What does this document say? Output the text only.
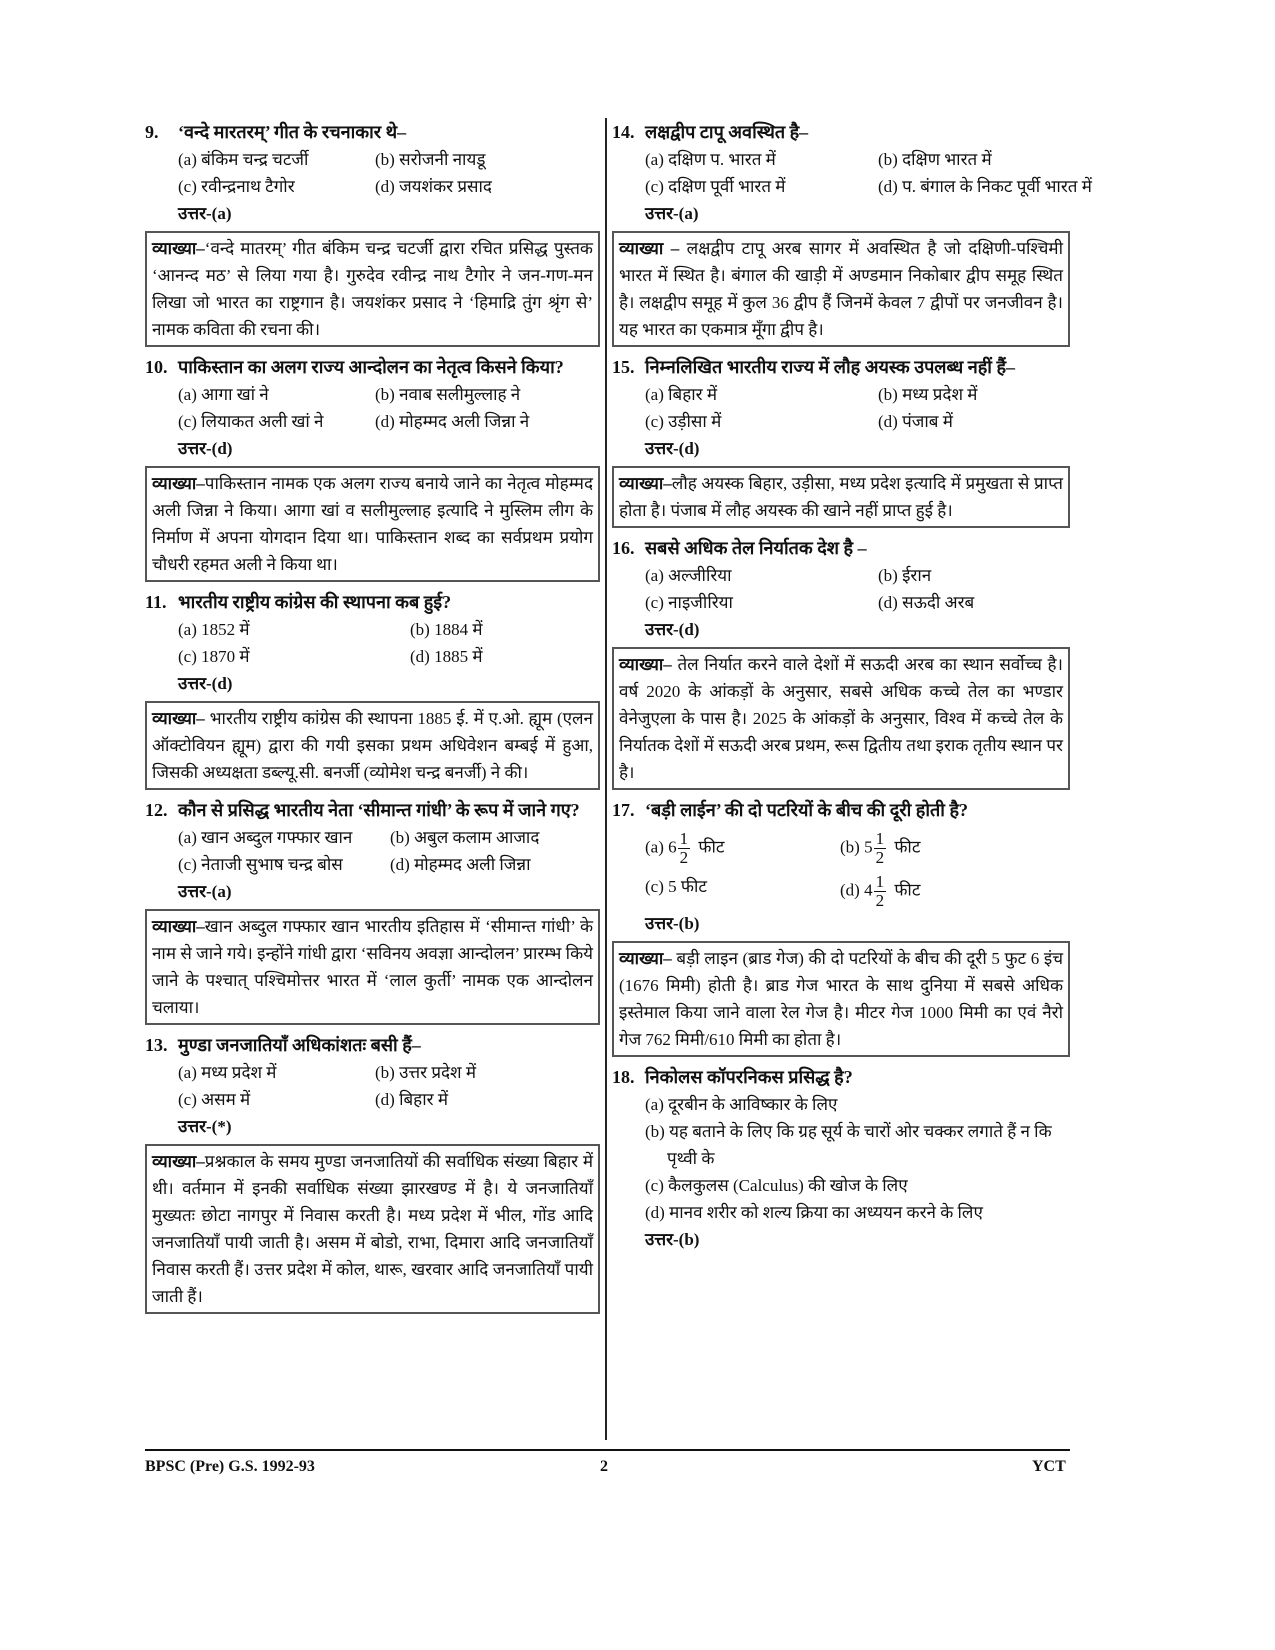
9.	‘वन्दे मारतरम्’ गीत के रचनाकार थे–
(a) बंकिम चन्द्र चटर्जी	(b) सरोजनी नायडू
(c) रवीन्द्रनाथ टैगोर	(d) जयशंकर प्रसाद
उत्तर-(a)
व्याख्या–‘वन्दे मातरम्’ गीत बंकिम चन्द्र चटर्जी द्वारा रचित प्रसिद्ध पुस्तक ‘आनन्द मठ’ से लिया गया है। गुरुदेव रवीन्द्र नाथ टैगोर ने जन-गण-मन लिखा जो भारत का राष्ट्रगान है। जयशंकर प्रसाद ने ‘हिमाद्रि तुंग श्रृंग से’ नामक कविता की रचना की।
10. पाकिस्तान का अलग राज्य आन्दोलन का नेतृत्व किसने किया?
(a) आगा खां ने	(b) नवाब सलीमुल्लाह ने
(c) लियाकत अली खां ने	(d) मोहम्मद अली जिन्ना ने
उत्तर-(d)
व्याख्या–पाकिस्तान नामक एक अलग राज्य बनाये जाने का नेतृत्व मोहम्मद अली जिन्ना ने किया। आगा खां व सलीमुल्लाह इत्यादि ने मुस्लिम लीग के निर्माण में अपना योगदान दिया था। पाकिस्तान शब्द का सर्वप्रथम प्रयोग चौधरी रहमत अली ने किया था।
11. भारतीय राष्ट्रीय कांग्रेस की स्थापना कब हुई?
(a) 1852 में	(b) 1884 में
(c) 1870 में	(d) 1885 में
उत्तर-(d)
व्याख्या– भारतीय राष्ट्रीय कांग्रेस की स्थापना 1885 ई. में ए.ओ. ह्यूम (एलन ऑक्टोवियन ह्यूम) द्वारा की गयी इसका प्रथम अधिवेशन बम्बई में हुआ, जिसकी अध्यक्षता डब्ल्यू.सी. बनर्जी (व्योमेश चन्द्र बनर्जी) ने की।
12. कौन से प्रसिद्ध भारतीय नेता ‘सीमान्त गांधी’ के रूप में जाने गए?
(a) खान अब्दुल गफ्फार खान	(b) अबुल कलाम आजाद
(c) नेताजी सुभाष चन्द्र बोस	(d) मोहम्मद अली जिन्ना
उत्तर-(a)
व्याख्या–खान अब्दुल गफ्फार खान भारतीय इतिहास में ‘सीमान्त गांधी’ के नाम से जाने गये। इन्होंने गांधी द्वारा ‘सविनय अवज्ञा आन्दोलन’ प्रारम्भ किये जाने के पश्चात् पश्चिमोत्तर भारत में ‘लाल कुर्ती’ नामक एक आन्दोलन चलाया।
13. मुण्डा जनजातियाँ अधिकांशतः बसी हैं–
(a) मध्य प्रदेश में	(b) उत्तर प्रदेश में
(c) असम में	(d) बिहार में
उत्तर-(*)
व्याख्या–प्रश्नकाल के समय मुण्डा जनजातियों की सर्वाधिक संख्या बिहार में थी। वर्तमान में इनकी सर्वाधिक संख्या झारखण्ड में है। ये जनजातियाँ मुख्यतः छोटा नागपुर में निवास करती है। मध्य प्रदेश में भील, गोंड आदि जनजातियाँ पायी जाती है। असम में बोडो, राभा, दिमारा आदि जनजातियाँ निवास करती हैं। उत्तर प्रदेश में कोल, थारू, खरवार आदि जनजातियाँ पायी जाती हैं।
14. लक्षद्वीप टापू अवस्थित है–
(a) दक्षिण प. भारत में	(b) दक्षिण भारत में
(c) दक्षिण पूर्वी भारत में	(d) प. बंगाल के निकट पूर्वी भारत में
उत्तर-(a)
व्याख्या – लक्षद्वीप टापू अरब सागर में अवस्थित है जो दक्षिणी-पश्चिमी भारत में स्थित है। बंगाल की खाड़ी में अण्डमान निकोबार द्वीप समूह स्थित है। लक्षद्वीप समूह में कुल 36 द्वीप हैं जिनमें केवल 7 द्वीपों पर जनजीवन है। यह भारत का एकमात्र मूँगा द्वीप है।
15. निम्नलिखित भारतीय राज्य में लौह अयस्क उपलब्ध नहीं हैं–
(a) बिहार में	(b) मध्य प्रदेश में
(c) उड़ीसा में	(d) पंजाब में
उत्तर-(d)
व्याख्या–लौह अयस्क बिहार, उड़ीसा, मध्य प्रदेश इत्यादि में प्रमुखता से प्राप्त होता है। पंजाब में लौह अयस्क की खाने नहीं प्राप्त हुई है।
16. सबसे अधिक तेल निर्यातक देश है –
(a) अल्जीरिया	(b) ईरान
(c) नाइजीरिया	(d) सऊदी अरब
उत्तर-(d)
व्याख्या– तेल निर्यात करने वाले देशों में सऊदी अरब का स्थान सर्वोच्च है। वर्ष 2020 के आंकड़ों के अनुसार, सबसे अधिक कच्चे तेल का भण्डार वेनेजुएला के पास है। 2025 के आंकड़ों के अनुसार, विश्व में कच्चे तेल के निर्यातक देशों में सऊदी अरब प्रथम, रूस द्वितीय तथा इराक तृतीय स्थान पर है।
17. ‘बड़ी लाईन’ की दो पटरियों के बीच की दूरी होती है?
(a) $6 \frac{1}{2}$ फीट	(b) $5 \frac{1}{2}$ फीट
(c) 5 फीट	(d) $4 \frac{1}{2}$ फीट
उत्तर-(b)
व्याख्या– बड़ी लाइन (ब्राड गेज) की दो पटरियों के बीच की दूरी 5 फुट 6 इंच (1676 मिमी) होती है। ब्राड गेज भारत के साथ दुनिया में सबसे अधिक इस्तेमाल किया जाने वाला रेल गेज है। मीटर गेज 1000 मिमी का एवं नैरो गेज 762 मिमी/610 मिमी का होता है।
18. निकोलस कॉपरनिकस प्रसिद्ध है?
(a) दूरबीन के आविष्कार के लिए
(b) यह बताने के लिए कि ग्रह सूर्य के चारों ओर चक्कर लगाते हैं न कि पृथ्वी के
(c) कैलकुलस (Calculus) की खोज के लिए
(d) मानव शरीर को शल्य क्रिया का अध्ययन करने के लिए
उत्तर-(b)
BPSC (Pre) G.S. 1992-93	2	YCT
